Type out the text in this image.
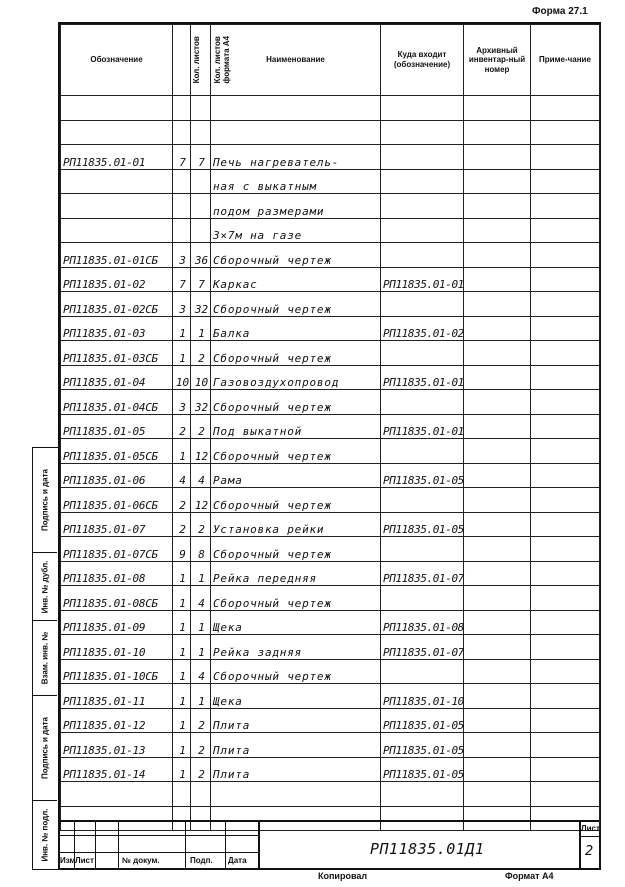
Форма 27.1
Обозначение	Кол. листов	Кол. листов формата А4	Наименование	Куда входит (обозначение)	Архивный инвентар-ный номер	Приме-чание

РП11835.01-01	7	7	Печь нагреватель-			
			ная с выкатным			
			подом размерами			
			3×7м на газе			
РП11835.01-01СБ	3	36	Сборочный чертеж			
РП11835.01-02	7	7	Каркас	РП11835.01-01		
РП11835.01-02СБ	3	32	Сборочный чертеж			
РП11835.01-03	1	1	Балка	РП11835.01-02		
РП11835.01-03СБ	1	2	Сборочный чертеж			
РП11835.01-04	10	10	Газовоздухопровод	РП11835.01-01		
РП11835.01-04СБ	3	32	Сборочный чертеж			
РП11835.01-05	2	2	Под выкатной	РП11835.01-01		
РП11835.01-05СБ	1	12	Сборочный чертеж			
РП11835.01-06	4	4	Рама	РП11835.01-05		
РП11835.01-06СБ	2	12	Сборочный чертеж			
РП11835.01-07	2	2	Установка рейки	РП11835.01-05		
РП11835.01-07СБ	9	8	Сборочный чертеж			
РП11835.01-08	1	1	Рейка передняя	РП11835.01-07		
РП11835.01-08СБ	1	4	Сборочный чертеж			
РП11835.01-09	1	1	Щека	РП11835.01-08		
РП11835.01-10	1	1	Рейка задняя	РП11835.01-07		
РП11835.01-10СБ	1	4	Сборочный чертеж			
РП11835.01-11	1	1	Щека	РП11835.01-10		
РП11835.01-12	1	2	Плита	РП11835.01-05		
РП11835.01-13	1	2	Плита	РП11835.01-05		
РП11835.01-14	1	2	Плита	РП11835.01-05		

Подпись и дата
Инв. № дубл.
Взам. инв. №
Подпись и дата
Инв. № подл. Изм Лист	№ докум.	Подп. Дата
РП11835.01Д1
Лист
2
Копировал	Формат А4
